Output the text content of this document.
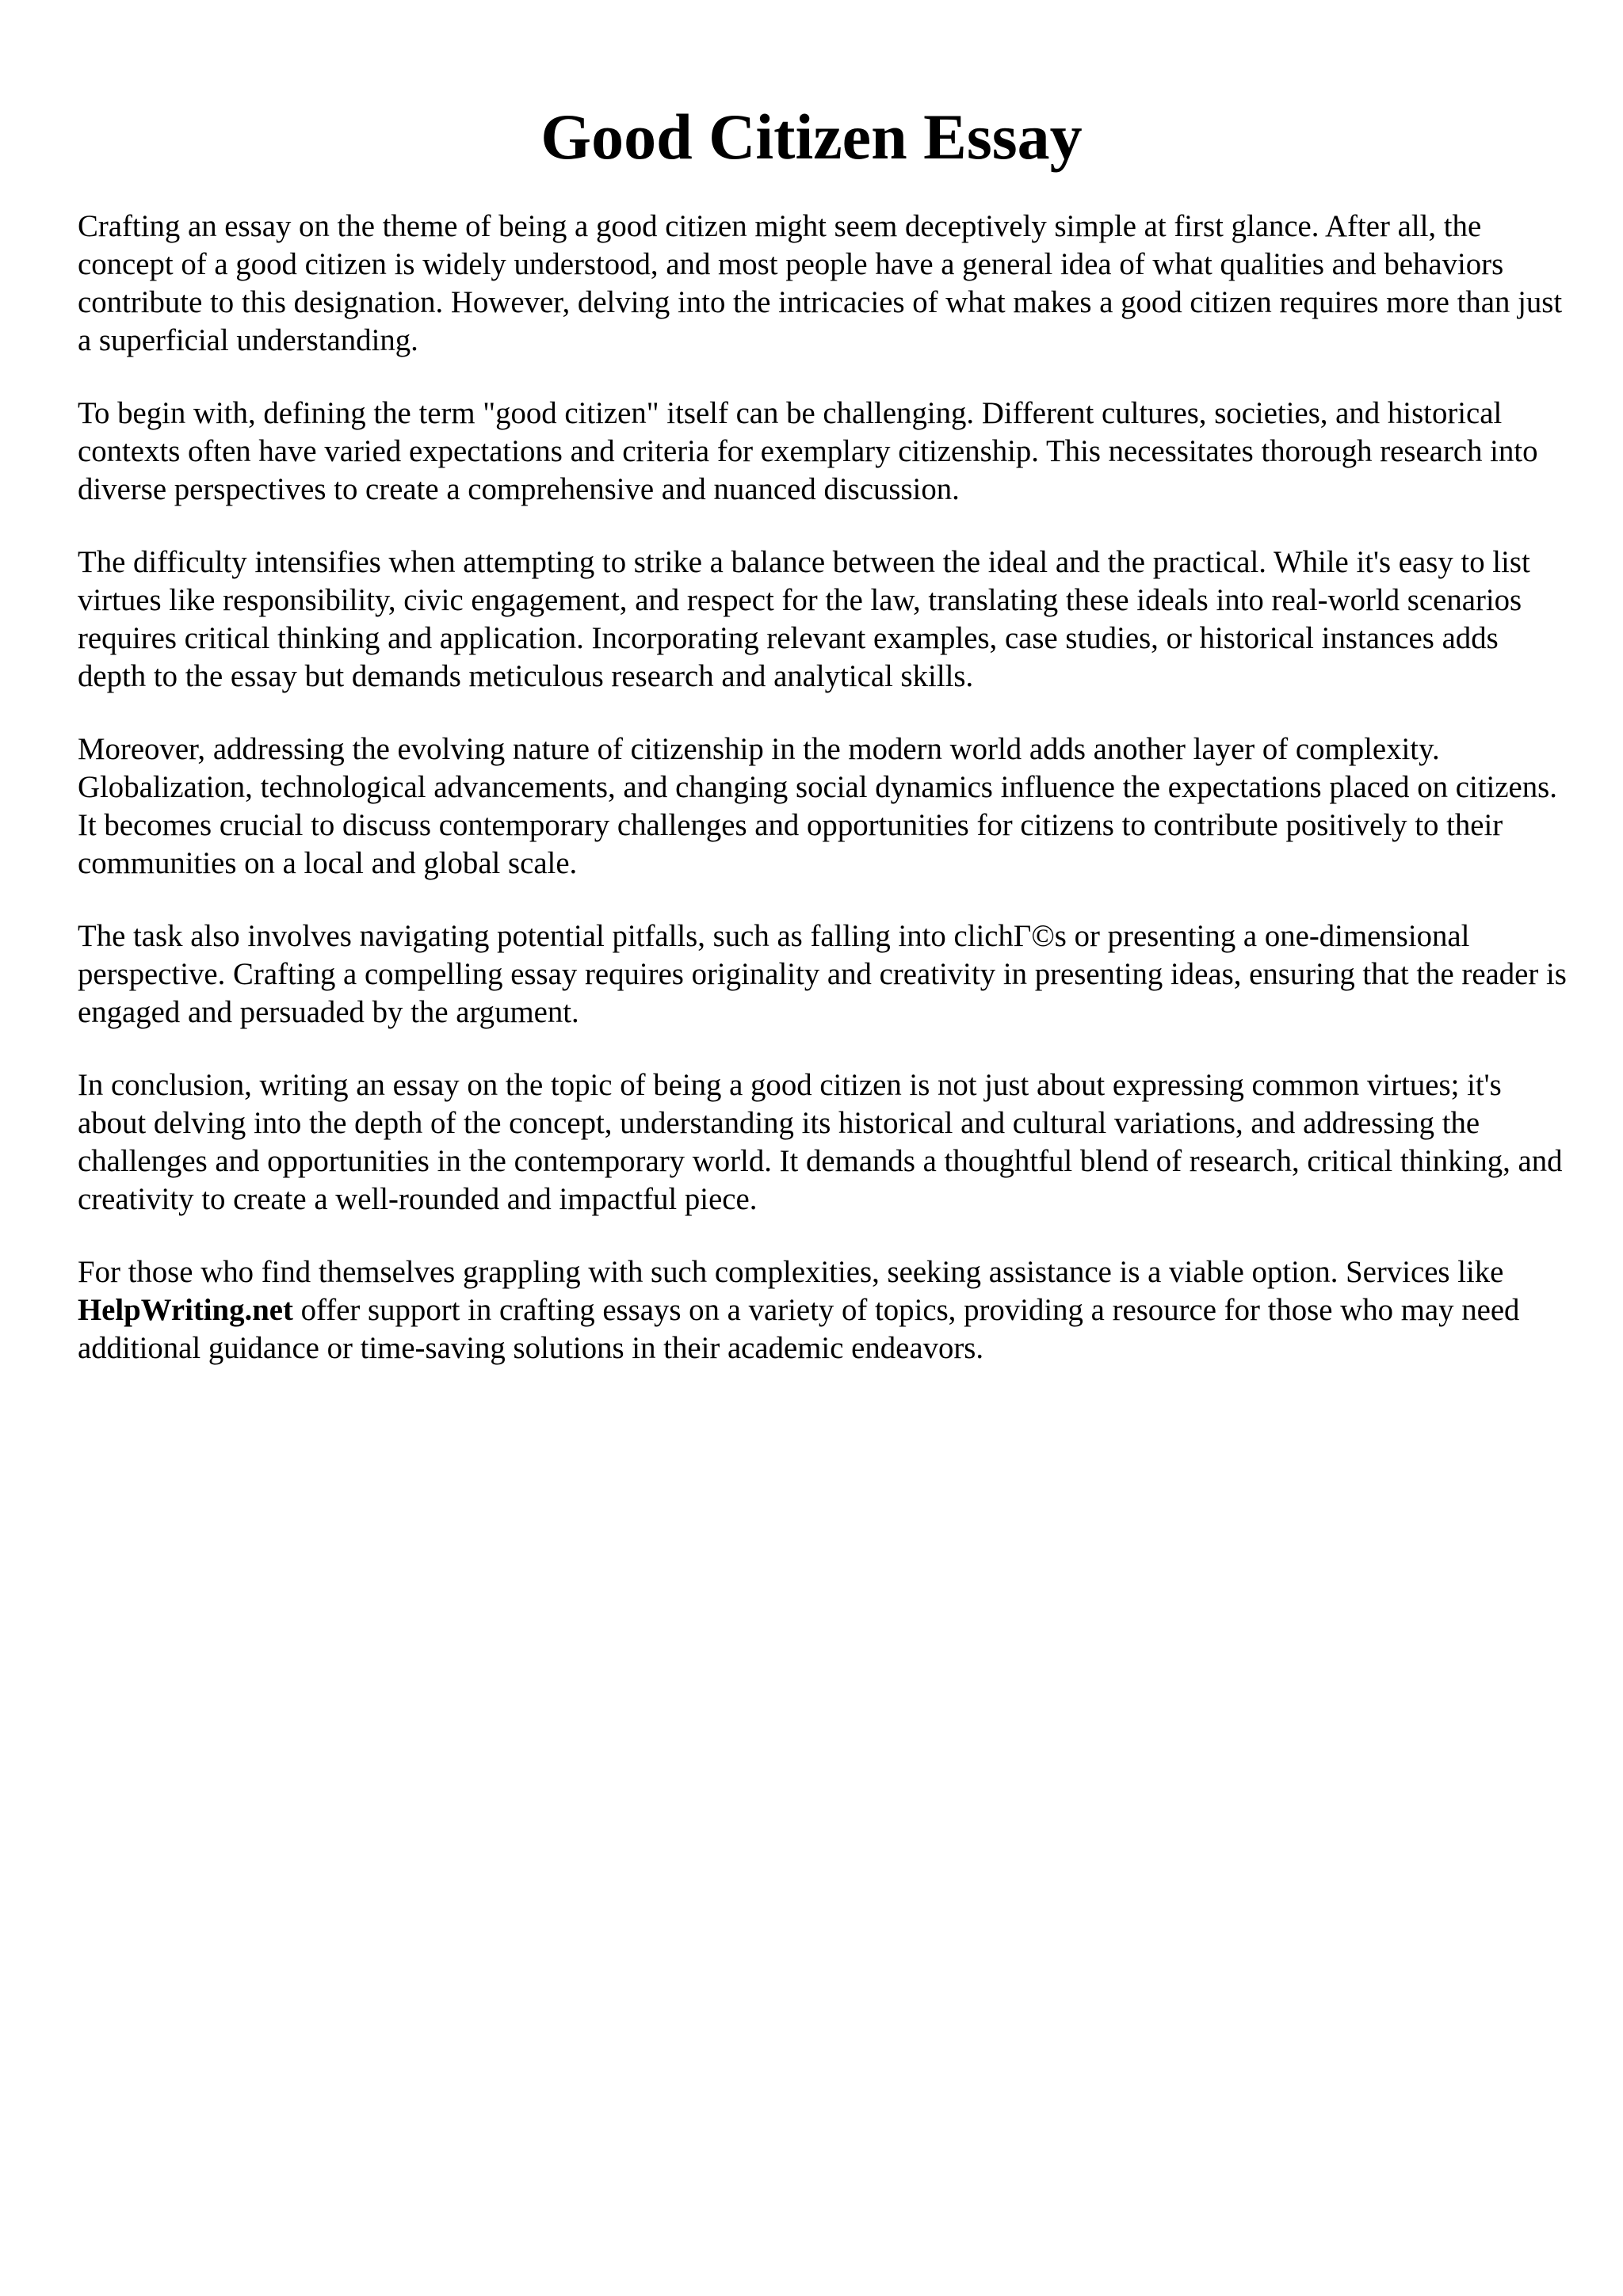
Good Citizen Essay

Crafting an essay on the theme of being a good citizen might seem deceptively simple at first glance. After all, the concept of a good citizen is widely understood, and most people have a general idea of what qualities and behaviors contribute to this designation. However, delving into the intricacies of what makes a good citizen requires more than just a superficial understanding.

To begin with, defining the term "good citizen" itself can be challenging. Different cultures, societies, and historical contexts often have varied expectations and criteria for exemplary citizenship. This necessitates thorough research into diverse perspectives to create a comprehensive and nuanced discussion.

The difficulty intensifies when attempting to strike a balance between the ideal and the practical. While it's easy to list virtues like responsibility, civic engagement, and respect for the law, translating these ideals into real-world scenarios requires critical thinking and application. Incorporating relevant examples, case studies, or historical instances adds depth to the essay but demands meticulous research and analytical skills.

Moreover, addressing the evolving nature of citizenship in the modern world adds another layer of complexity. Globalization, technological advancements, and changing social dynamics influence the expectations placed on citizens. It becomes crucial to discuss contemporary challenges and opportunities for citizens to contribute positively to their communities on a local and global scale.

The task also involves navigating potential pitfalls, such as falling into clichΓ©s or presenting a one-dimensional perspective. Crafting a compelling essay requires originality and creativity in presenting ideas, ensuring that the reader is engaged and persuaded by the argument.

In conclusion, writing an essay on the topic of being a good citizen is not just about expressing common virtues; it's about delving into the depth of the concept, understanding its historical and cultural variations, and addressing the challenges and opportunities in the contemporary world. It demands a thoughtful blend of research, critical thinking, and creativity to create a well-rounded and impactful piece.

For those who find themselves grappling with such complexities, seeking assistance is a viable option. Services like HelpWriting.net offer support in crafting essays on a variety of topics, providing a resource for those who may need additional guidance or time-saving solutions in their academic endeavors.
